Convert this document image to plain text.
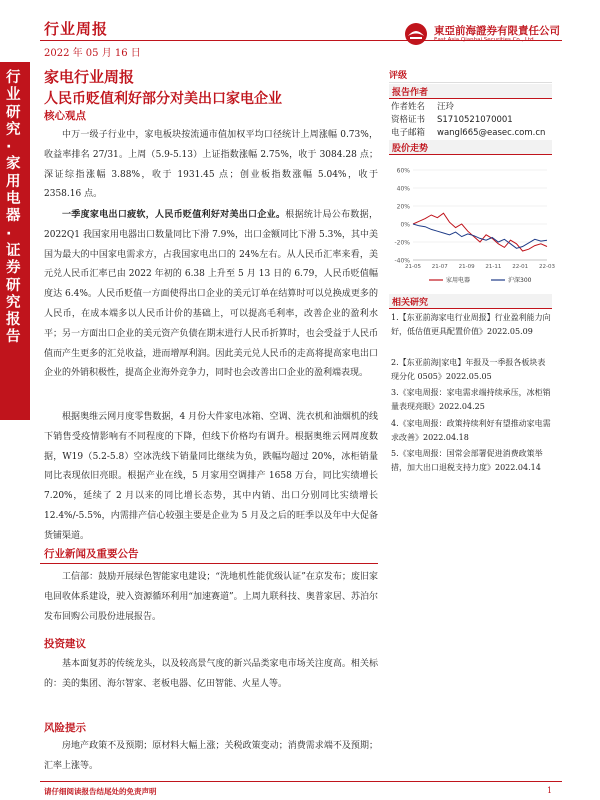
行业周报
2022 年 05 月 16 日
東亞前海證券有限責任公司
East Asia Qianhai Securities Co., Ltd.
行业研究·家用电器·证券研究报告
家电行业周报
人民币贬值利好部分对美出口家电企业
核心观点
中万一级子行业中，家电板块按流通市值加权平均口径统计上周涨幅 0.73%，收益率排名 27/31。上周（5.9-5.13）上证指数涨幅 2.75%，收于 3084.28 点；深证综指涨幅 3.88%，收于 1931.45 点；创业板指数涨幅 5.04%，收于 2358.16 点。
一季度家电出口疲软，人民币贬值利好对美出口企业。根据统计局公布数据，2022Q1 我国家用电器出口数量同比下滑 7.9%，出口金额同比下滑 5.3%，其中美国为最大的中国家电需求方，占我国家电出口的 24%左右。从人民币汇率来看，美元兑人民币汇率已由 2022 年初的 6.38 上升至 5 月 13 日的 6.79，人民币贬值幅度达 6.4%。人民币贬值一方面使得出口企业的美元订单在结算时可以兑换成更多的人民币，在成本端多以人民币计价的基础上，可以提高毛利率，改善企业的盈利水平；另一方面出口企业的美元资产负债在期末进行人民币折算时，也会受益于人民币值而产生更多的汇兑收益，进而增厚利润。因此美元兑人民币的走高将提高家电出口企业的外销积极性，提高企业海外竞争力，同时也会改善出口企业的盈利端表现。
根据奥维云网月度零售数据，4 月份大件家电冰箱、空调、洗衣机和油烟机的线下销售受疫情影响有不同程度的下降，但线下价格均有调升。根据奥维云网周度数据，W19（5.2-5.8）空冰洗线下销量同比继续为负，跌幅均超过 20%，冰柜销量同比表现依旧亮眼。根据产业在线，5 月家用空调排产 1658 万台，同比实绩增长 7.20%，延续了 2 月以来的同比增长态势，其中内销、出口分别同比实绩增长 12.4%/-5.5%，内需排产信心较强主要是企业为 5 月及之后的旺季以及年中大促备货铺渠道。
行业新闻及重要公告
工信部：鼓励开展绿色智能家电建设；“洗地机性能优级认证”在京发布；废旧家电回收体系建设，驶入资源循环利用“加速赛道”。上周九联科技、奥普家居、苏泊尔发布回购公司股份进展报告。
投资建议
基本面复苏的传统龙头，以及较高景气度的新兴品类家电市场关注度高。相关标的：美的集团、海尔智家、老板电器、亿田智能、火星人等。
风险提示
房地产政策不及预期；原材料大幅上涨；关税政策变动；消费需求端不及预期；汇率上涨等。
评级
报告作者
作者姓名 汪玲
资格证书 S1710521070001
电子邮箱 wangl665@easec.com.cn
股价走势
60%
40%
20%
0%
-20%
-40%
21-05 21-07 21-09 21-11 22-01 22-03
家用电器	沪深300
相关研究
1.【东亚前海家电行业周报】行业盈利能力向好，低估值更具配置价值》2022.05.09
2.【东亚前海|家电】年报及一季报各板块表现分化 0505》2022.05.05
3.《家电周报：家电需求端持续承压，冰柜销量表现亮眼》2022.04.25
4.《家电周报：政策持续利好有望推动家电需求改善》2022.04.18
5.《家电周报：国常会部署促进消费政策举措，加大出口退税支持力度》2022.04.14
请仔细阅读报告结尾处的免责声明	1
